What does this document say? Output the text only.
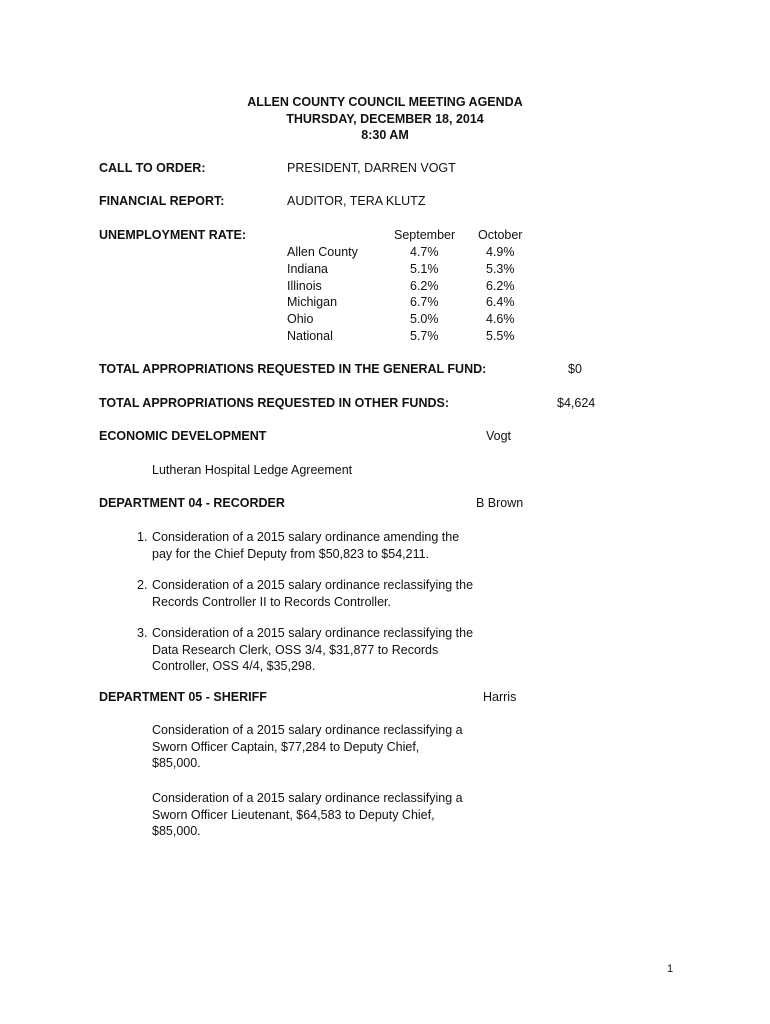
ALLEN COUNTY COUNCIL MEETING AGENDA
THURSDAY, DECEMBER 18, 2014
8:30 AM
CALL TO ORDER:	PRESIDENT, DARREN VOGT
FINANCIAL REPORT:	AUDITOR, TERA KLUTZ
UNEMPLOYMENT RATE:	September October
Allen County	4.7%	4.9%
Indiana	5.1%	5.3%
Illinois	6.2%	6.2%
Michigan	6.7%	6.4%
Ohio	5.0%	4.6%
National	5.7%	5.5%
TOTAL APPROPRIATIONS REQUESTED IN THE GENERAL FUND:	$0
TOTAL APPROPRIATIONS REQUESTED IN OTHER FUNDS:	$4,624
ECONOMIC DEVELOPMENT	Vogt
Lutheran Hospital Ledge Agreement
DEPARTMENT 04 - RECORDER	B Brown
1. Consideration of a 2015 salary ordinance amending the
pay for the Chief Deputy from $50,823 to $54,211.
2. Consideration of a 2015 salary ordinance reclassifying the
Records Controller II to Records Controller.
3. Consideration of a 2015 salary ordinance reclassifying the
Data Research Clerk, OSS 3/4, $31,877 to Records
Controller, OSS 4/4, $35,298.
DEPARTMENT 05 - SHERIFF	Harris
Consideration of a 2015 salary ordinance reclassifying a
Sworn Officer Captain, $77,284 to Deputy Chief,
$85,000.
Consideration of a 2015 salary ordinance reclassifying a
Sworn Officer Lieutenant, $64,583 to Deputy Chief,
$85,000.
1
